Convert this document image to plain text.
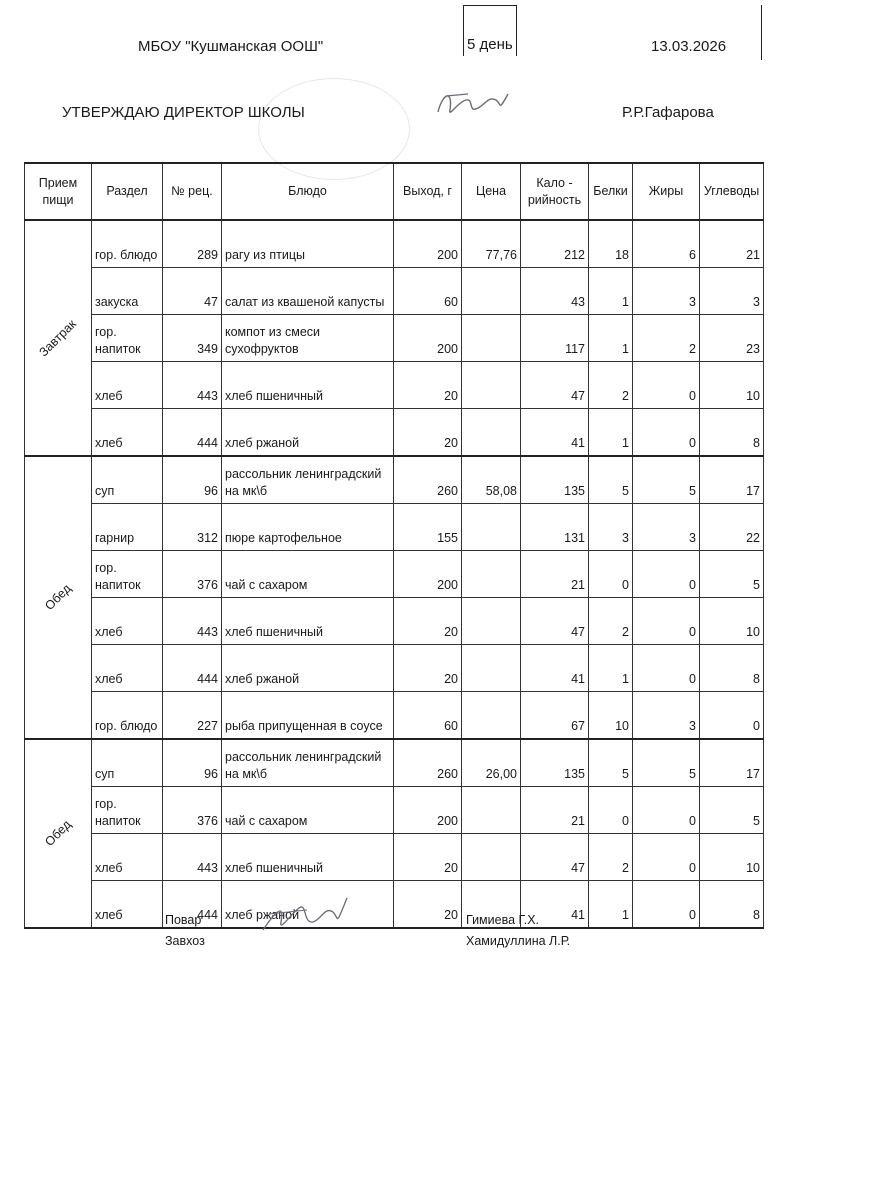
МБОУ "Кушманская ООШ"	5 день	13.03.2026
УТВЕРЖДАЮ ДИРЕКТОР ШКОЛЫ	Р.Р.Гафарова
Прием пищи	Раздел	№ рец.	Блюдо	Выход, г	Цена	Кало - рийность	Белки	Жиры	Углеводы
Завтрак	гор. блюдо	289	рагу из птицы	200	77,76	212	18	6	21
	закуска	47	салат из квашеной капусты	60		43	1	3	3
	гор. напиток	349	компот из смеси сухофруктов	200		117	1	2	23
	хлеб	443	хлеб пшеничный	20		47	2	0	10
	хлеб	444	хлеб ржаной	20		41	1	0	8
Обед	суп	96	рассольник ленинградский на мк\б	260	58,08	135	5	5	17
	гарнир	312	пюре картофельное	155		131	3	3	22
	гор. напиток	376	чай с сахаром	200		21	0	0	5
	хлеб	443	хлеб пшеничный	20		47	2	0	10
	хлеб	444	хлеб ржаной	20		41	1	0	8
	гор. блюдо	227	рыба припущенная в соусе	60		67	10	3	0
Обед	суп	96	рассольник ленинградский на мк\б	260	26,00	135	5	5	17
	гор. напиток	376	чай с сахаром	200		21	0	0	5
	хлеб	443	хлеб пшеничный	20		47	2	0	10
	хлеб	444	хлеб ржаной	20		41	1	0	8
Повар
Завхоз
Гимиева Г.Х.
Хамидуллина Л.Р.
